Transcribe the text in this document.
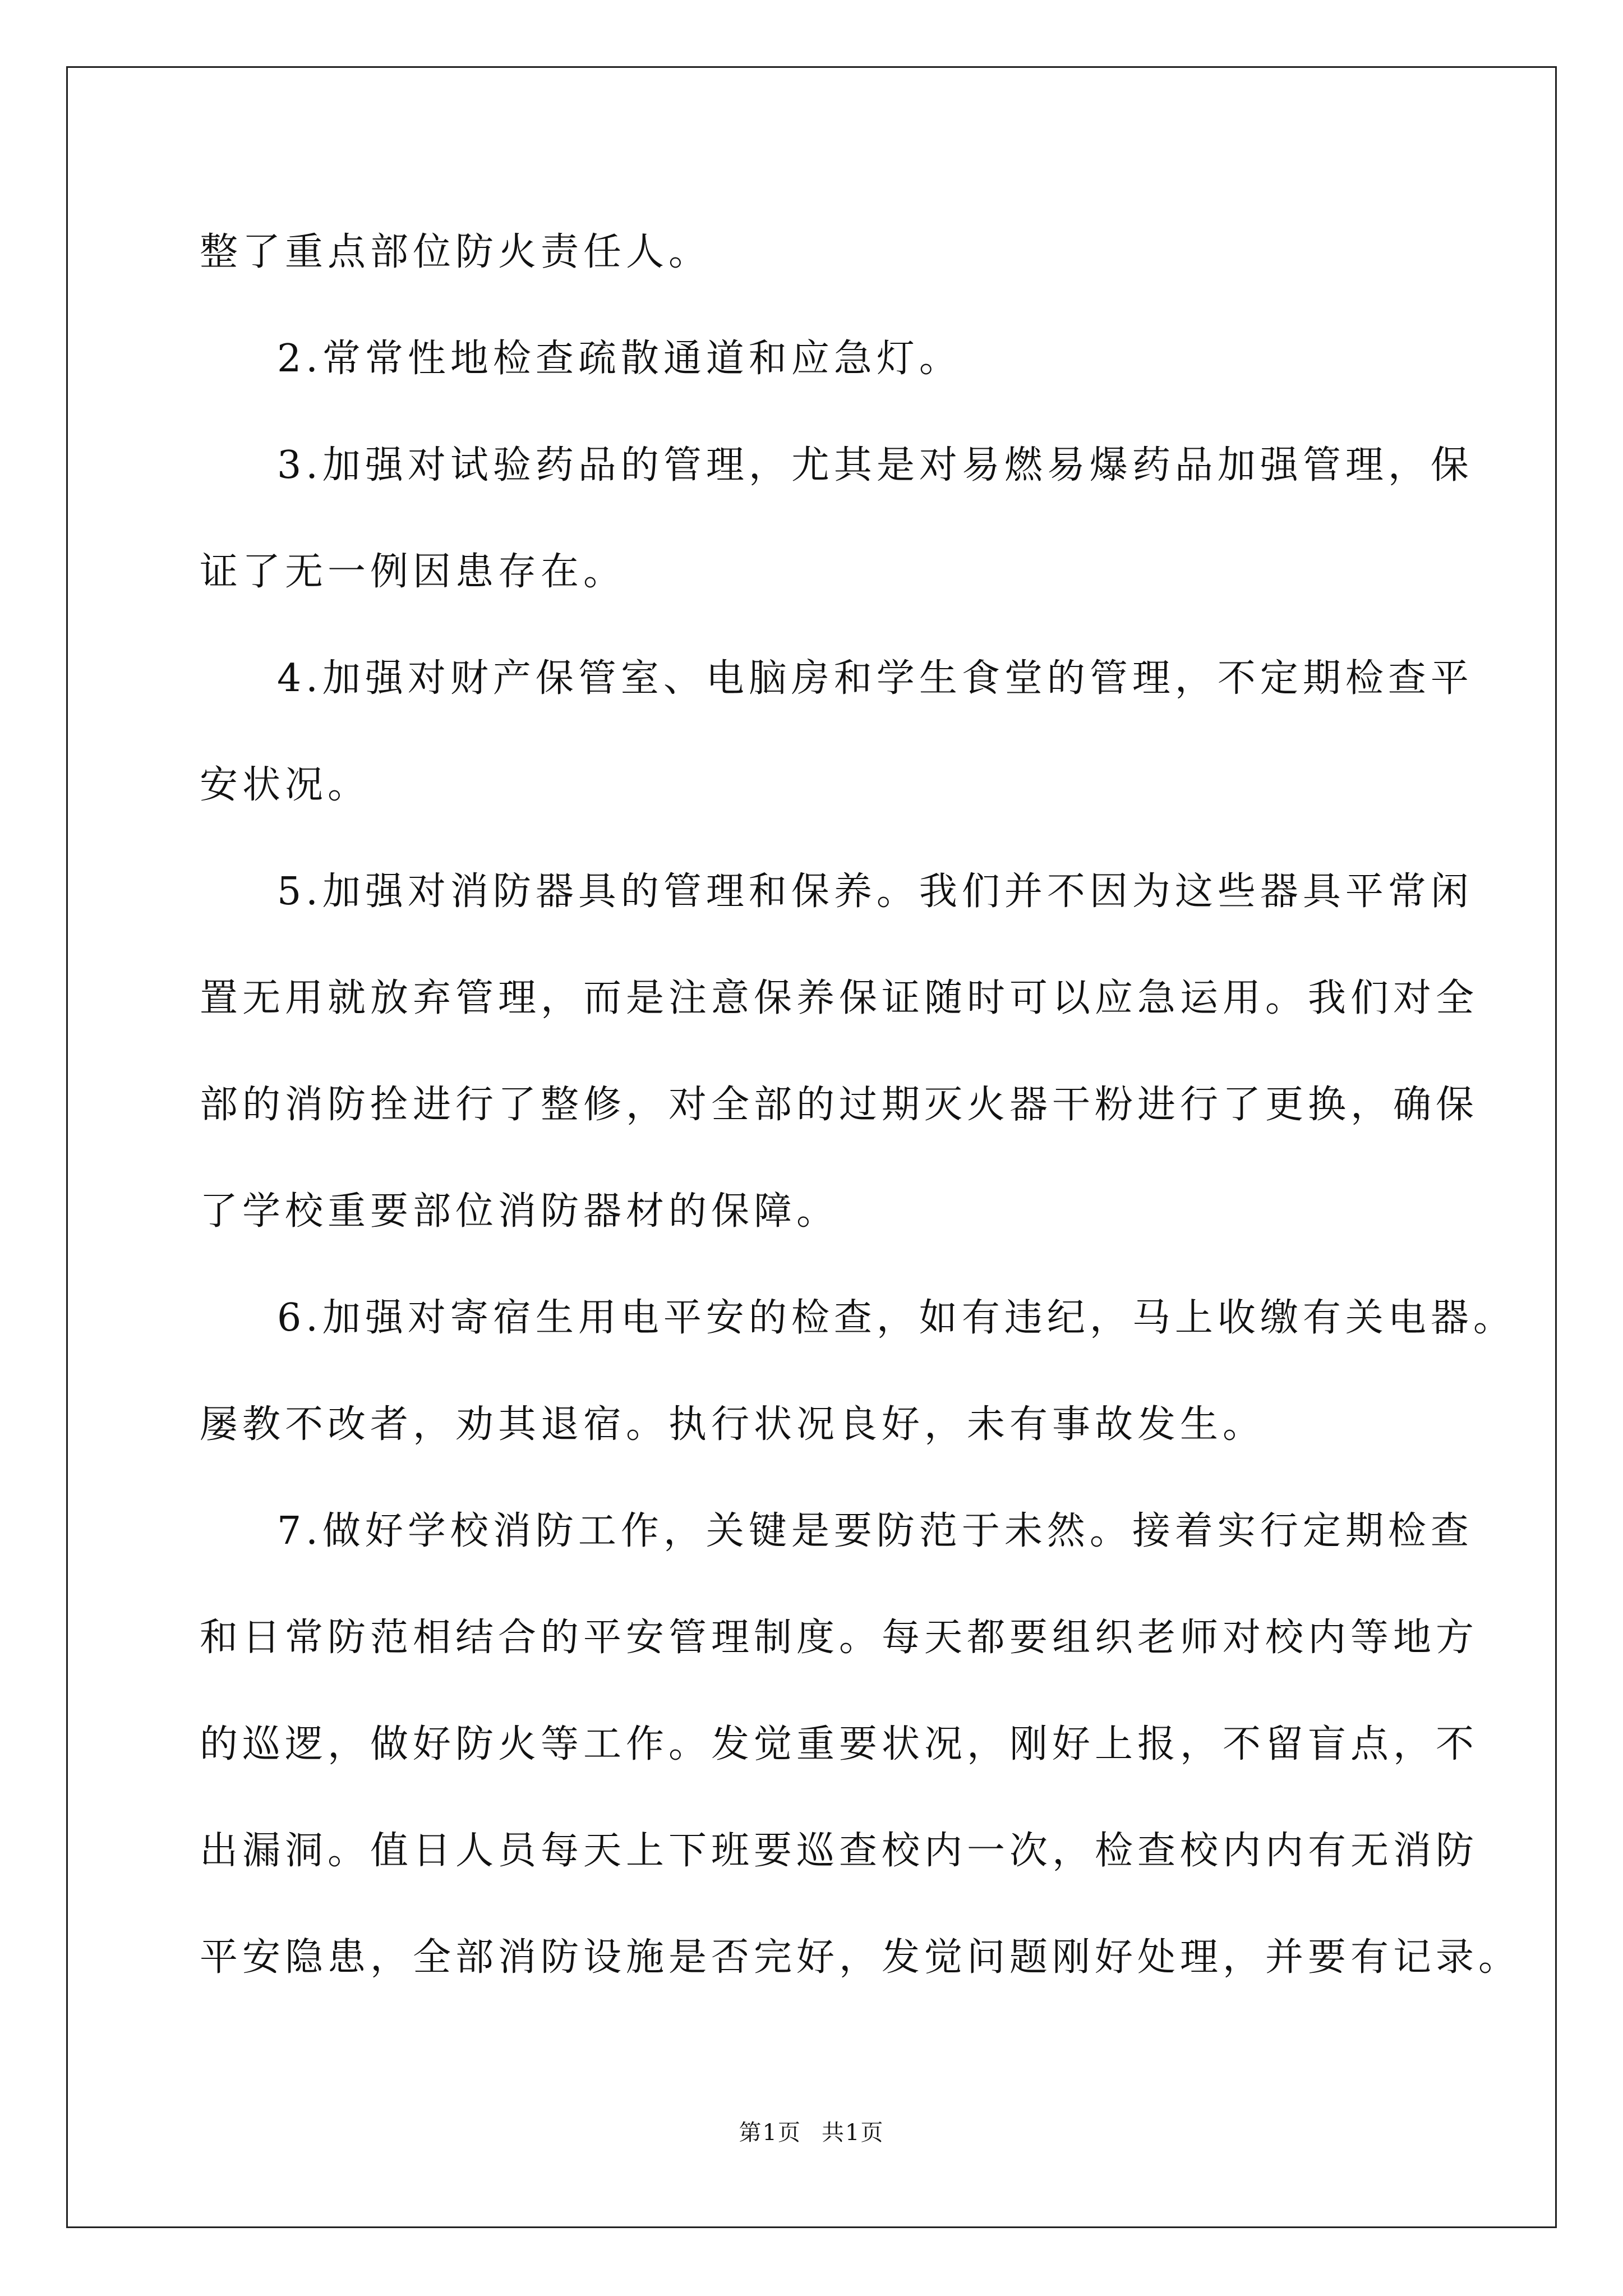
整了重点部位防火责任人。
2.常常性地检查疏散通道和应急灯。
3.加强对试验药品的管理，尤其是对易燃易爆药品加强管理，保
证了无一例因患存在。
4.加强对财产保管室、电脑房和学生食堂的管理，不定期检查平
安状况。
5.加强对消防器具的管理和保养。我们并不因为这些器具平常闲
置无用就放弃管理，而是注意保养保证随时可以应急运用。我们对全
部的消防拴进行了整修，对全部的过期灭火器干粉进行了更换，确保
了学校重要部位消防器材的保障。
6.加强对寄宿生用电平安的检查，如有违纪，马上收缴有关电器。
屡教不改者，劝其退宿。执行状况良好，未有事故发生。
7.做好学校消防工作，关键是要防范于未然。接着实行定期检查
和日常防范相结合的平安管理制度。每天都要组织老师对校内等地方
的巡逻，做好防火等工作。发觉重要状况，刚好上报，不留盲点，不
出漏洞。值日人员每天上下班要巡查校内一次，检查校内内有无消防
平安隐患，全部消防设施是否完好，发觉问题刚好处理，并要有记录。
第1页 共1页
